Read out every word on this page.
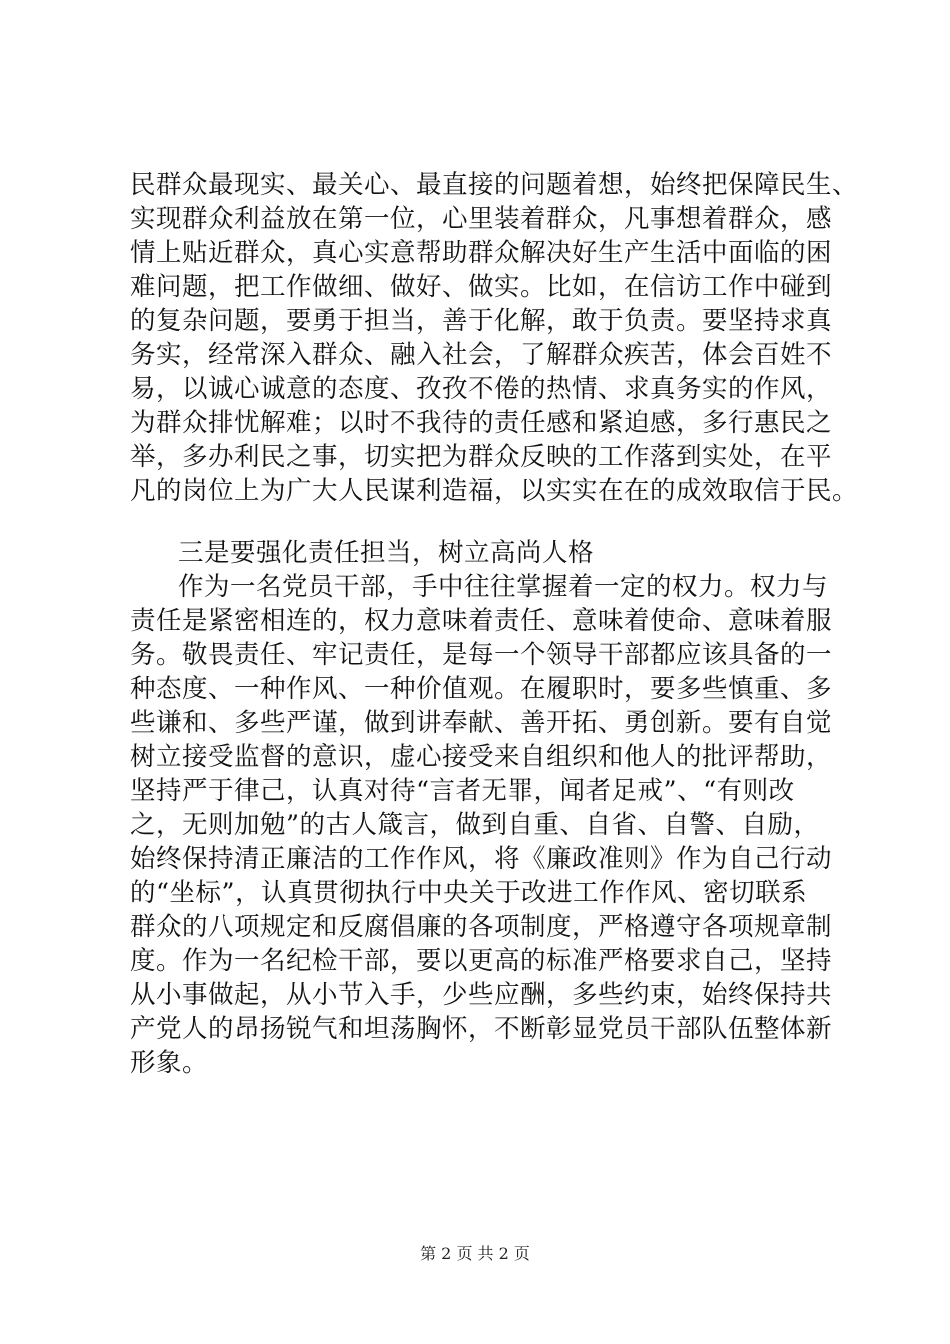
民群众最现实、最关心、最直接的问题着想，始终把保障民生、
实现群众利益放在第一位，心里装着群众，凡事想着群众，感
情上贴近群众，真心实意帮助群众解决好生产生活中面临的困
难问题，把工作做细、做好、做实。比如，在信访工作中碰到
的复杂问题，要勇于担当，善于化解，敢于负责。要坚持求真
务实，经常深入群众、融入社会，了解群众疾苦，体会百姓不
易，以诚心诚意的态度、孜孜不倦的热情、求真务实的作风，
为群众排忧解难；以时不我待的责任感和紧迫感，多行惠民之
举，多办利民之事，切实把为群众反映的工作落到实处，在平
凡的岗位上为广大人民谋利造福，以实实在在的成效取信于民。
三是要强化责任担当，树立高尚人格
作为一名党员干部，手中往往掌握着一定的权力。权力与
责任是紧密相连的，权力意味着责任、意味着使命、意味着服
务。敬畏责任、牢记责任，是每一个领导干部都应该具备的一
种态度、一种作风、一种价值观。在履职时，要多些慎重、多
些谦和、多些严谨，做到讲奉献、善开拓、勇创新。要有自觉
树立接受监督的意识，虚心接受来自组织和他人的批评帮助，
坚持严于律己，认真对待“言者无罪，闻者足戒”、“有则改
之，无则加勉”的古人箴言，做到自重、自省、自警、自励，
始终保持清正廉洁的工作作风，将《廉政准则》作为自己行动
的“坐标”，认真贯彻执行中央关于改进工作作风、密切联系
群众的八项规定和反腐倡廉的各项制度，严格遵守各项规章制
度。作为一名纪检干部，要以更高的标准严格要求自己，坚持
从小事做起，从小节入手，少些应酬，多些约束，始终保持共
产党人的昂扬锐气和坦荡胸怀，不断彰显党员干部队伍整体新
形象。
第 2 页 共 2 页
